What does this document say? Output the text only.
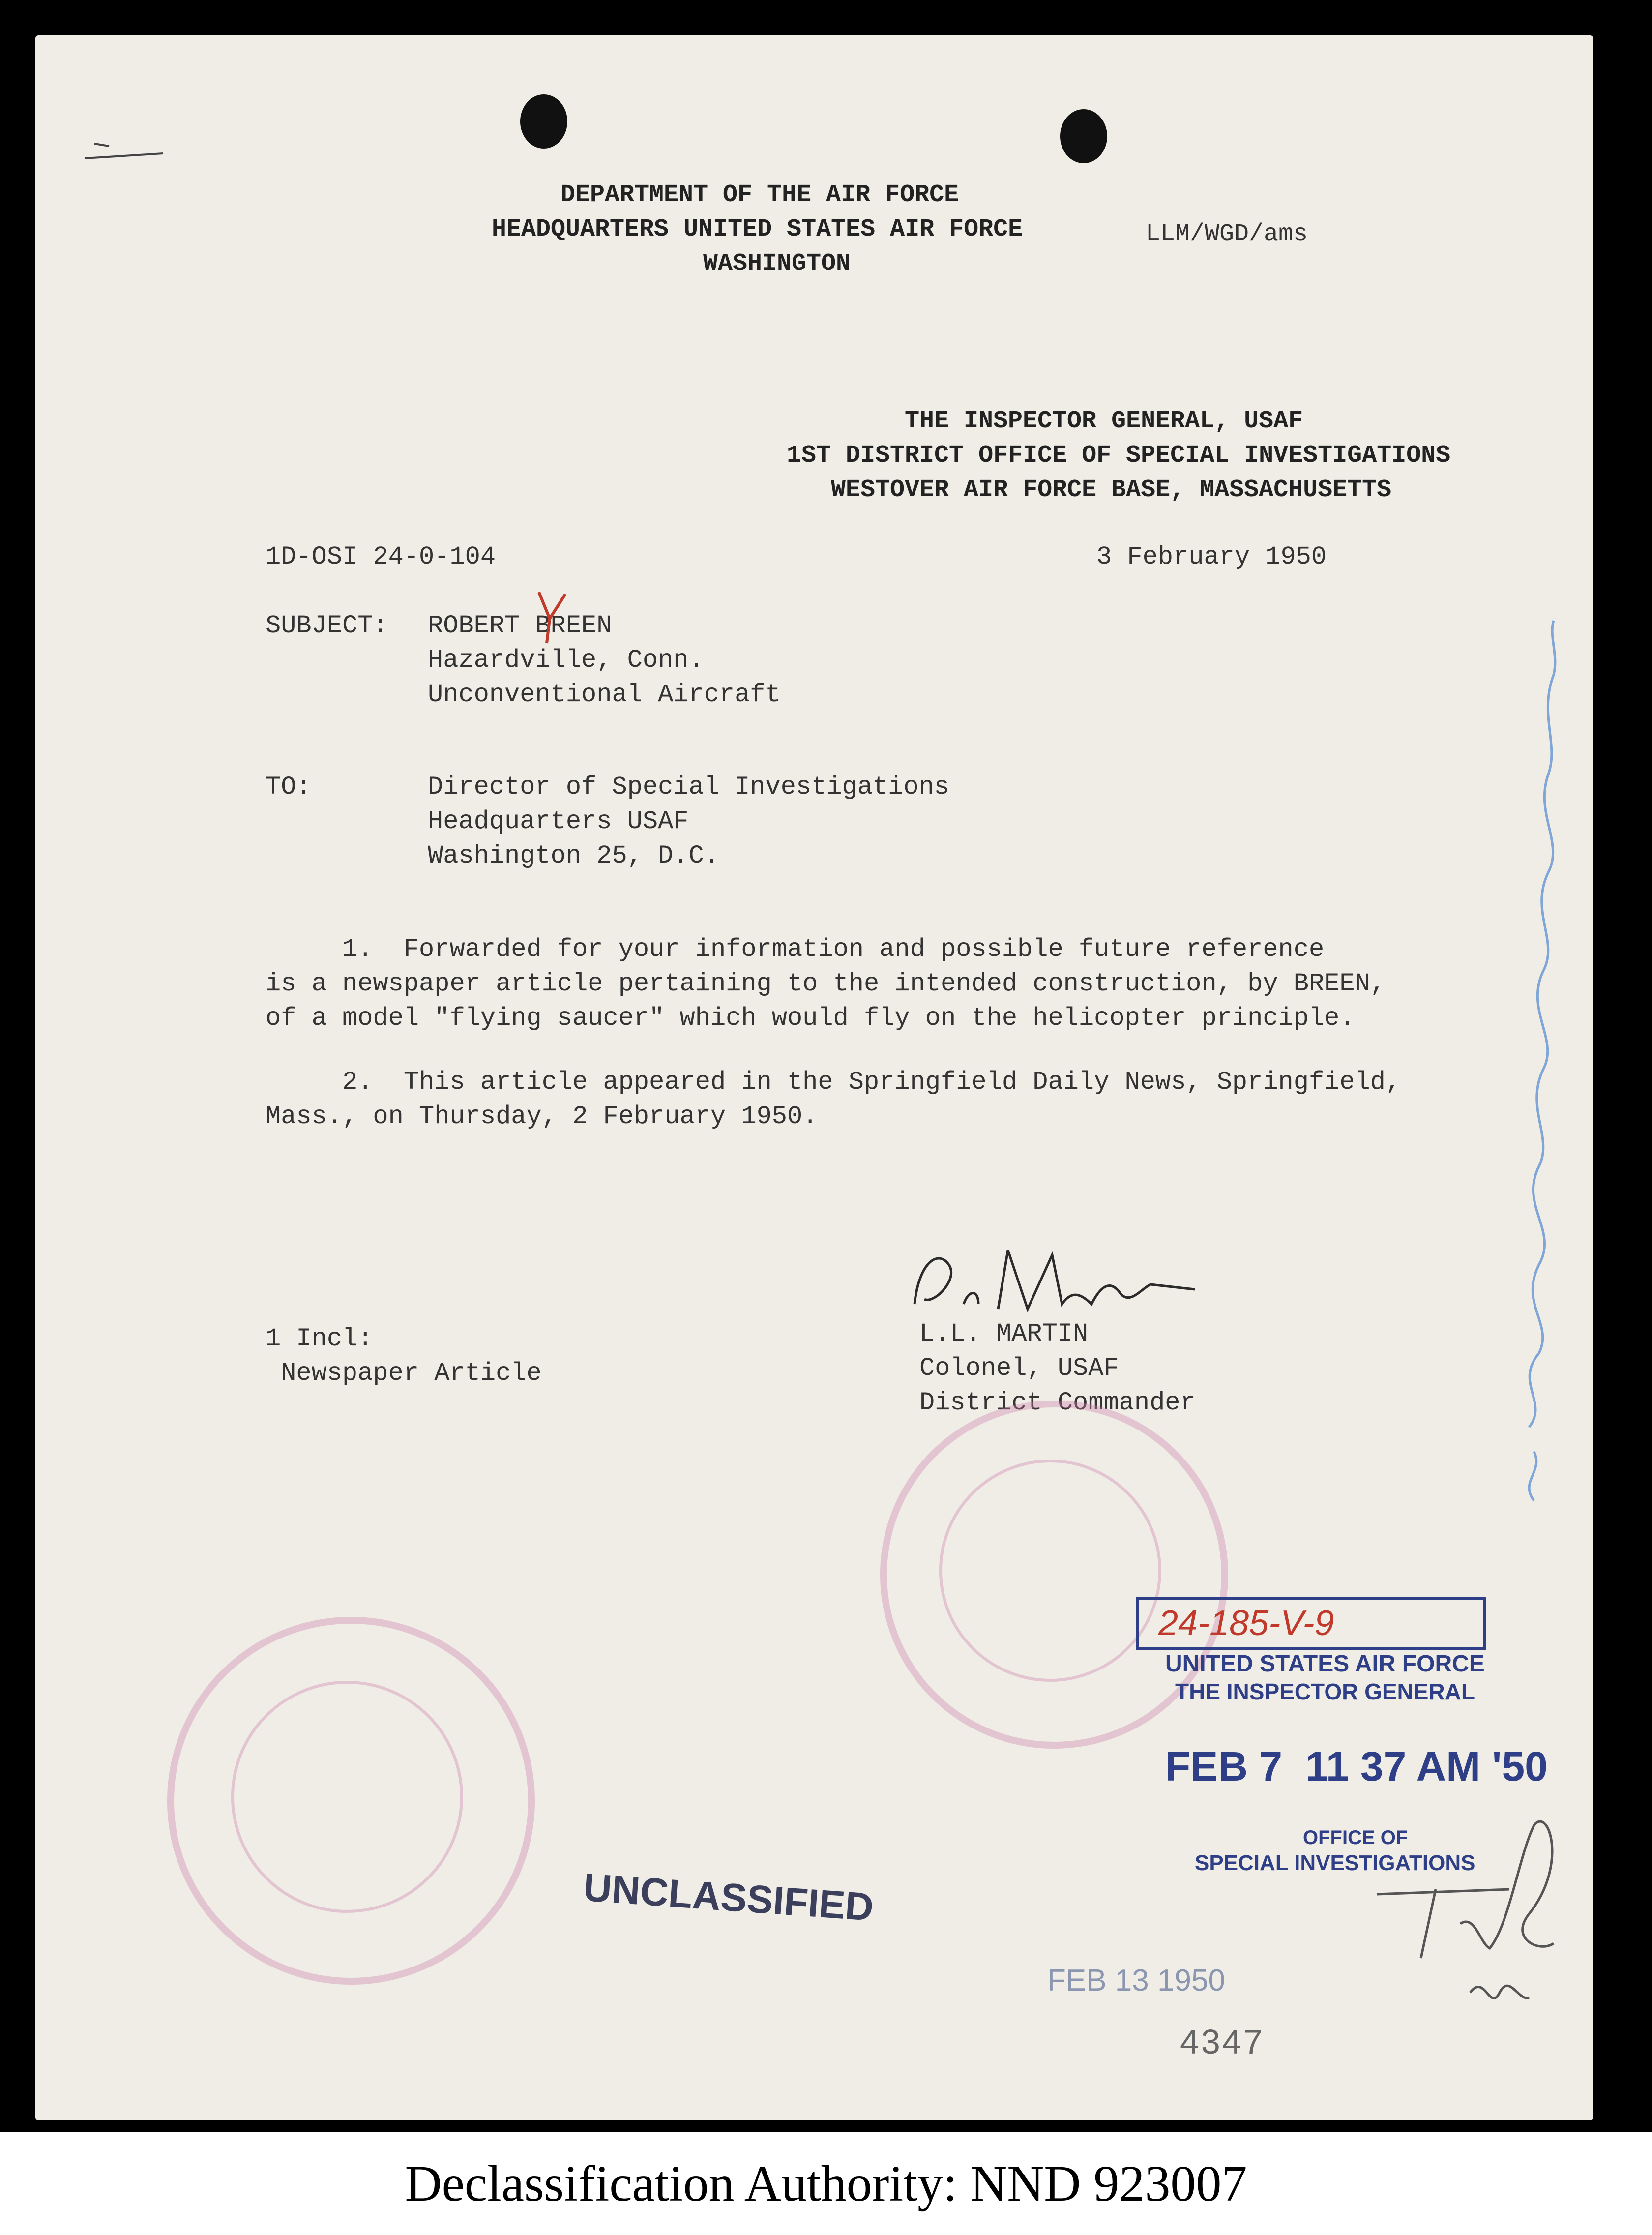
DEPARTMENT OF THE AIR FORCE
HEADQUARTERS UNITED STATES AIR FORCE
WASHINGTON
LLM/WGD/ams
THE INSPECTOR GENERAL, USAF
1ST DISTRICT OFFICE OF SPECIAL INVESTIGATIONS
WESTOVER AIR FORCE BASE, MASSACHUSETTS
1D-OSI 24-0-104	3 February 1950
SUBJECT: ROBERT BREEN
Hazardville, Conn.
Unconventional Aircraft
TO:	Director of Special Investigations
Headquarters USAF
Washington 25, D.C.
1.  Forwarded for your information and possible future reference
is a newspaper article pertaining to the intended construction, by BREEN,
of a model "flying saucer" which would fly on the helicopter principle.
2.  This article appeared in the Springfield Daily News, Springfield,
Mass., on Thursday, 2 February 1950.
1 Incl:
Newspaper Article
L.L. MARTIN
Colonel, USAF
District Commander
24-185-V-9
UNITED STATES AIR FORCE
THE INSPECTOR GENERAL
FEB 7  11 37 AM '50
OFFICE OF
SPECIAL INVESTIGATIONS
UNCLASSIFIED
FEB 13 1950
4347
Declassification Authority: NND 923007
